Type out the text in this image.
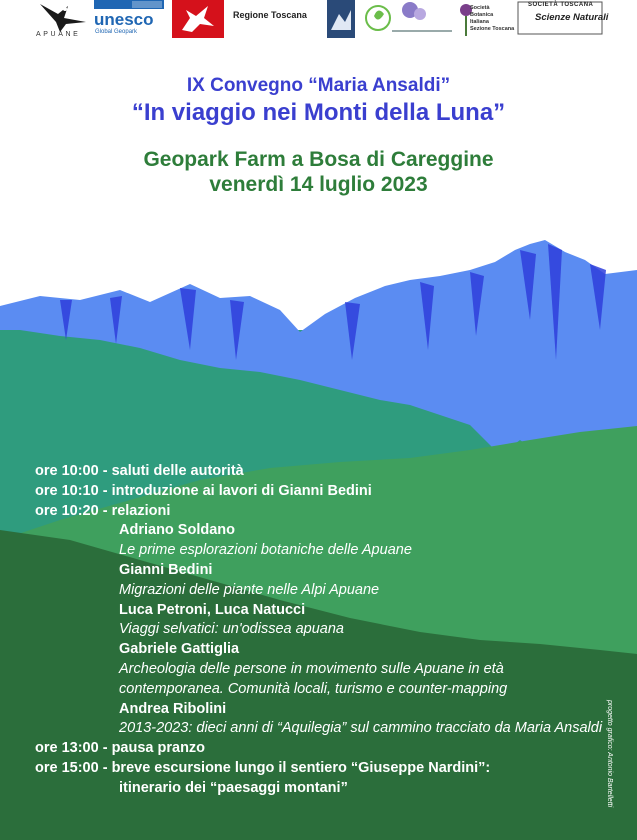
APUANE
unesco
Global Geopark
Regione Toscana
Società
Botanica
Italiana
Sezione Toscana
SOCIETÀ TOSCANA
Scienze Naturali
IX Convegno “Maria Ansaldi”
“In viaggio nei Monti della Luna”
Geopark Farm a Bosa di Careggine
venerdì 14 luglio 2023
ore 10:00 - saluti delle autorità
ore 10:10 - introduzione ai lavori di Gianni Bedini
ore 10:20 - relazioni
Adriano Soldano
Le prime esplorazioni botaniche delle Apuane
Gianni Bedini
Migrazioni delle piante nelle Alpi Apuane
Luca Petroni, Luca Natucci
Viaggi selvatici: un'odissea apuana
Gabriele Gattiglia
Archeologia delle persone in movimento sulle Apuane in età contemporanea. Comunità locali, turismo e counter-mapping
Andrea Ribolini
2013-2023: dieci anni di “Aquilegia” sul cammino tracciato da Maria Ansaldi
ore 13:00 - pausa pranzo
ore 15:00 - breve escursione lungo il sentiero “Giuseppe Nardini”:
itinerario dei “paesaggi montani”	progetto grafico: Antonio Bartelletti
